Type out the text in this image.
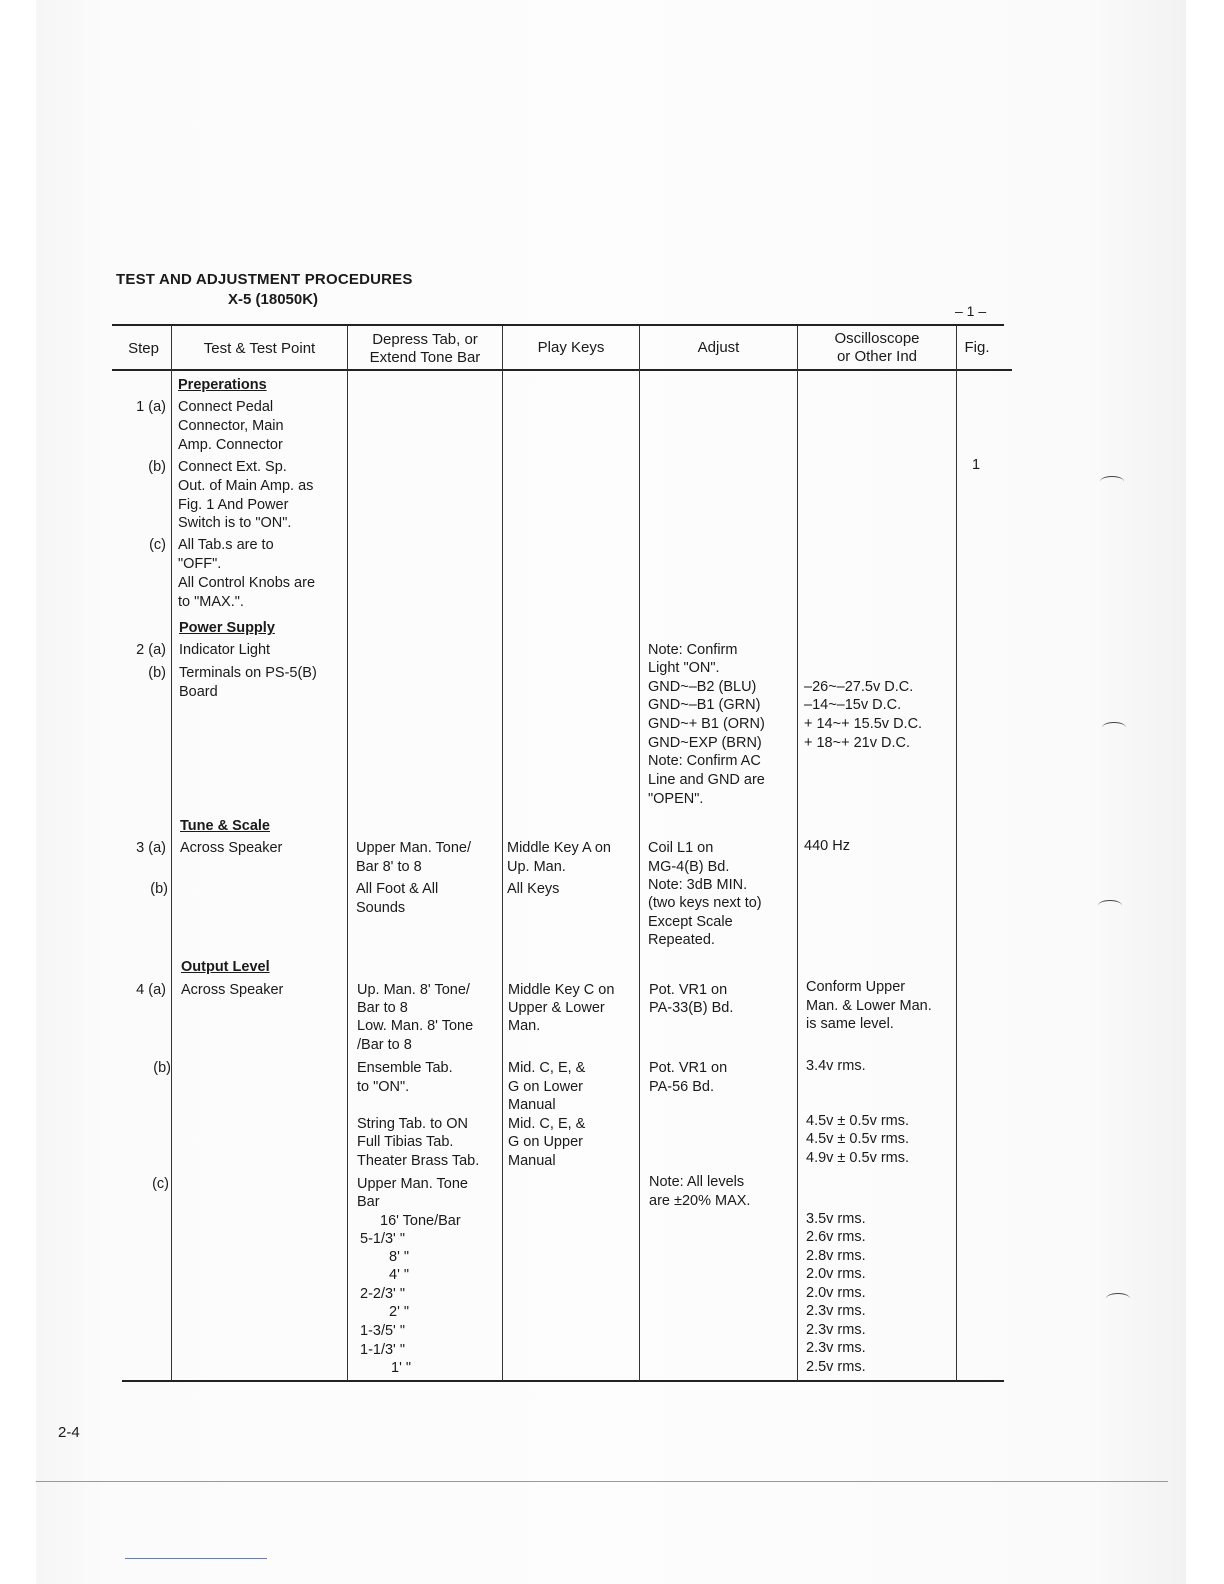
TEST AND ADJUSTMENT PROCEDURES
X-5 (18050K)
– 1 –
Step	Test & Test Point
Depress Tab, or
Extend Tone Bar
Play Keys	Adjust
Oscilloscope
or Other Ind
Fig.
Preperations
Power Supply
Tune & Scale
Output Level
1 (a)
(b)
(c)
2 (a)
(b)
3 (a)
(b)
4 (a)
(b)
(c)
Connect Pedal
Connector, Main
Amp. Connector
Connect Ext. Sp.
Out. of Main Amp. as
Fig. 1 And Power
Switch is to "ON".
All Tab.s are to
"OFF".
All Control Knobs are
to "MAX.".
Indicator Light
Terminals on PS-5(B)
Board
Across Speaker
Across Speaker
Upper Man. Tone/
Bar 8' to 8
All Foot & All
Sounds
Up. Man. 8' Tone/
Bar to 8
Low. Man. 8' Tone
/Bar to 8
Ensemble Tab.
to "ON".
String Tab. to ON
Full Tibias Tab.
Theater Brass Tab.
Upper Man. Tone
Bar
16' Tone/Bar
5-1/3' "
8' "
4' "
2-2/3' "
2' "
1-3/5' "
1-1/3' "
1' "
Middle Key A on
Up. Man.
All Keys
Middle Key C on
Upper & Lower
Man.
Mid. C, E, &
G on Lower
Manual
Mid. C, E, &
G on Upper
Manual
Note: Confirm
Light "ON".
GND~–B2 (BLU)
GND~–B1 (GRN)
GND~+ B1 (ORN)
GND~EXP (BRN)
Note: Confirm AC
Line and GND are
"OPEN".
Coil L1 on
MG-4(B) Bd.
Note: 3dB MIN.
(two keys next to)
Except Scale
Repeated.
Pot. VR1 on
PA-33(B) Bd.
Pot. VR1 on
PA-56 Bd.
Note: All levels
are ±20% MAX.
–26~–27.5v D.C.
–14~–15v D.C.
+ 14~+ 15.5v D.C.
+ 18~+ 21v D.C.
440 Hz
Conform Upper
Man. & Lower Man.
is same level.
3.4v rms.
4.5v ± 0.5v rms.
4.5v ± 0.5v rms.
4.9v ± 0.5v rms.
3.5v rms.
2.6v rms.
2.8v rms.
2.0v rms.
2.0v rms.
2.3v rms.
2.3v rms.
2.3v rms.
2.5v rms.
1
2-4
